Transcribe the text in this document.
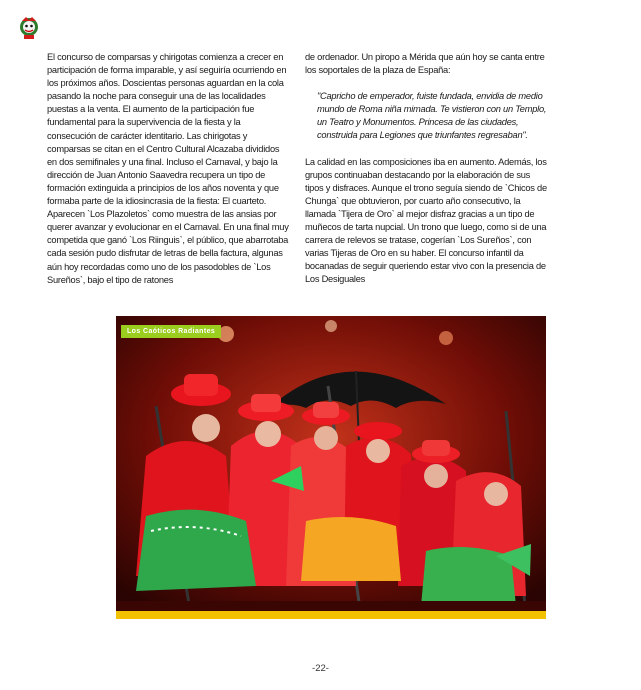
El concurso de comparsas y chirigotas comienza a crecer en participación de forma imparable, y así seguiría ocurriendo en los próximos años. Doscientas personas aguardan en la cola pasando la noche para conseguir una de las localidades puestas a la venta. El aumento de la participación fue fundamental para la supervivencia de la fiesta y la consecución de carácter identitario. Las chirigotas y comparsas se citan en el Centro Cultural Alcazaba divididos en dos semifinales y una final. Incluso el Carnaval, y bajo la dirección de Juan Antonio Saavedra recupera un tipo de formación extinguida a principios de los años noventa y que formaba parte de la idiosincrasia de la fiesta: El cuarteto. Aparecen `Los Plazoletos` como muestra de las ansias por querer avanzar y evolucionar en el Carnaval. En una final muy competida que ganó `Los Riinguis`, el público, que abarrotaba cada sesión pudo disfrutar de letras de bella factura, algunas aún hoy recordadas como uno de los pasodobles de `Los Sureños`, bajo el tipo de ratones

de ordenador. Un piropo a Mérida que aún hoy se canta entre los soportales de la plaza de España:

"Capricho de emperador, fuiste fundada, envidia de medio mundo de Roma niña mimada. Te vistieron con un Templo, un Teatro y Monumentos. Princesa de las ciudades, construida para Legiones que triunfantes regresaban".

La calidad en las composiciones iba en aumento. Además, los grupos continuaban destacando por la elaboración de sus tipos y disfraces. Aunque el trono seguía siendo de `Chicos de Chunga` que obtuvieron, por cuarto año consecutivo, la llamada `Tijera de Oro` al mejor disfraz gracias a un tipo de muñecos de tarta nupcial. Un trono que luego, como si de una carrera de relevos se tratase, cogerían `Los Sureños`, con varias Tijeras de Oro en su haber. El concurso infantil da bocanadas de seguir queriendo estar vivo con la presencia de Los Desiguales

Los Caóticos Radiantes
-22-
